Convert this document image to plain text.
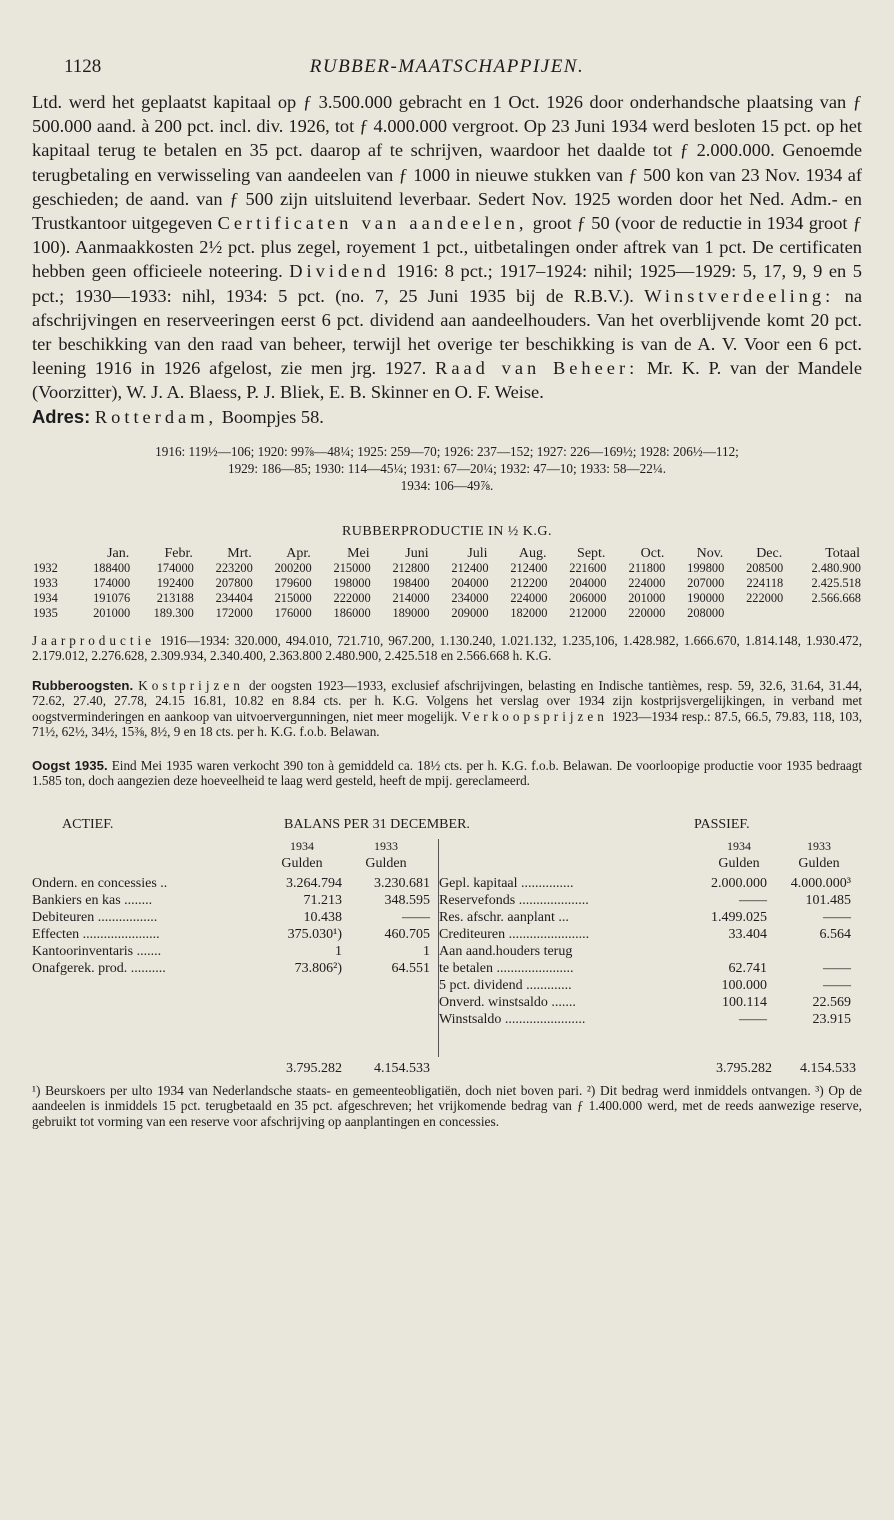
1128	RUBBER-MAATSCHAPPIJEN.

Ltd. werd het geplaatst kapitaal op ƒ 3.500.000 gebracht en 1 Oct. 1926 door onderhandsche plaatsing van ƒ 500.000 aand. à 200 pct. incl. div. 1926, tot ƒ 4.000.000 vergroot. Op 23 Juni 1934 werd besloten 15 pct. op het kapitaal terug te betalen en 35 pct. daarop af te schrijven, waardoor het daalde tot ƒ 2.000.000. Genoemde terugbetaling en verwisseling van aandeelen van ƒ 1000 in nieuwe stukken van ƒ 500 kon van 23 Nov. 1934 af geschieden; de aand. van ƒ 500 zijn uitsluitend leverbaar. Sedert Nov. 1925 worden door het Ned. Adm.- en Trustkantoor uitgegeven Certificaten van aandeelen, groot ƒ 50 (voor de reductie in 1934 groot ƒ 100). Aanmaakkosten 2½ pct. plus zegel, royement 1 pct., uitbetalingen onder aftrek van 1 pct. De certificaten hebben geen officieele noteering. Dividend 1916: 8 pct.; 1917–1924: nihil; 1925—1929: 5, 17, 9, 9 en 5 pct.; 1930—1933: nihl, 1934: 5 pct. (no. 7, 25 Juni 1935 bij de R.B.V.). Winstverdeeling: na afschrijvingen en reserveeringen eerst 6 pct. dividend aan aandeelhouders. Van het overblijvende komt 20 pct. ter beschikking van den raad van beheer, terwijl het overige ter beschikking is van de A. V. Voor een 6 pct. leening 1916 in 1926 afgelost, zie men jrg. 1927. Raad van Beheer: Mr. K. P. van der Mandele (Voorzitter), W. J. A. Blaess, P. J. Bliek, E. B. Skinner en O. F. Weise.

Adres: Rotterdam, Boompjes 58.

1916: 119½—106; 1920: 99⅞—48¼; 1925: 259—70; 1926: 237—152; 1927: 226—169½; 1928: 206½—112;
1929: 186—85; 1930: 114—45¼; 1931: 67—20¼; 1932: 47—10; 1933: 58—22¼.
1934: 106—49⅞.
RUBBERPRODUCTIE IN ½ K.G.
	Jan.	Febr.	Mrt.	Apr.	Mei	Juni	Juli	Aug.	Sept.	Oct.	Nov.	Dec.	Totaal
1932	188400	174000	223200	200200	215000	212800	212400	212400	221600	211800	199800	208500	2.480.900
1933	174000	192400	207800	179600	198000	198400	204000	212200	204000	224000	207000	224118	2.425.518
1934	191076	213188	234404	215000	222000	214000	234000	224000	206000	201000	190000	222000	2.566.668
1935	201000	189.300	172000	176000	186000	189000	209000	182000	212000	220000	208000		

Jaarproductie 1916—1934: 320.000, 494.010, 721.710, 967.200, 1.130.240, 1.021.132, 1.235,106, 1.428.982, 1.666.670, 1.814.148, 1.930.472, 2.179.012, 2.276.628, 2.309.934, 2.340.400, 2.363.800 2.480.900, 2.425.518 en 2.566.668 h. K.G.

Rubberoogsten. Kostprijzen der oogsten 1923—1933, exclusief afschrijvingen, belasting en Indische tantièmes, resp. 59, 32.6, 31.64, 31.44, 72.62, 27.40, 27.78, 24.15 16.81, 10.82 en 8.84 cts. per h. K.G. Volgens het verslag over 1934 zijn kostprijsvergelijkingen, in verband met oogstverminderingen en aankoop van uitvoervergunningen, niet meer mogelijk. Verkoopsprijzen 1923—1934 resp.: 87.5, 66.5, 79.83, 118, 103, 71½, 62½, 34½, 15⅜, 8½, 9 en 18 cts. per h. K.G. f.o.b. Belawan.

Oogst 1935. Eind Mei 1935 waren verkocht 390 ton à gemiddeld ca. 18½ cts. per h. K.G. f.o.b. Belawan. De voorloopige productie voor 1935 bedraagt 1.585 ton, doch aangezien deze hoeveelheid te laag werd gesteld, heeft de mpij. gereclameerd.

ACTIEF.	BALANS PER 31 DECEMBER.	PASSIEF.
1934	1933
Gulden	Gulden
Ondern. en concessies ..	3.264.794	3.230.681
Bankiers en kas ........	71.213	348.595
Debiteuren .................	10.438	——
Effecten ......................	375.030¹)	460.705
Kantoorinventaris .......	1	1
Onafgerek. prod. ..........	73.806²)	64.551
1934	1933
Gulden	Gulden
Gepl. kapitaal ...............	2.000.000	4.000.000³
Reservefonds ....................	——	101.485
Res. afschr. aanplant ...	1.499.025	——
Crediteuren .......................	33.404	6.564
Aan aand.houders terug
te betalen ......................	62.741	——
5 pct. dividend .............	100.000	——
Onverd. winstsaldo .......	100.114	22.569
Winstsaldo .......................	——	23.915
3.795.282	4.154.533	3.795.282	4.154.533

¹) Beurskoers per ulto 1934 van Nederlandsche staats- en gemeenteobligatiën, doch niet boven pari. ²) Dit bedrag werd inmiddels ontvangen. ³) Op de aandeelen is inmiddels 15 pct. terugbetaald en 35 pct. afgeschreven; het vrijkomende bedrag van ƒ 1.400.000 werd, met de reeds aanwezige reserve, gebruikt tot vorming van een reserve voor afschrijving op aanplantingen en concessies.
